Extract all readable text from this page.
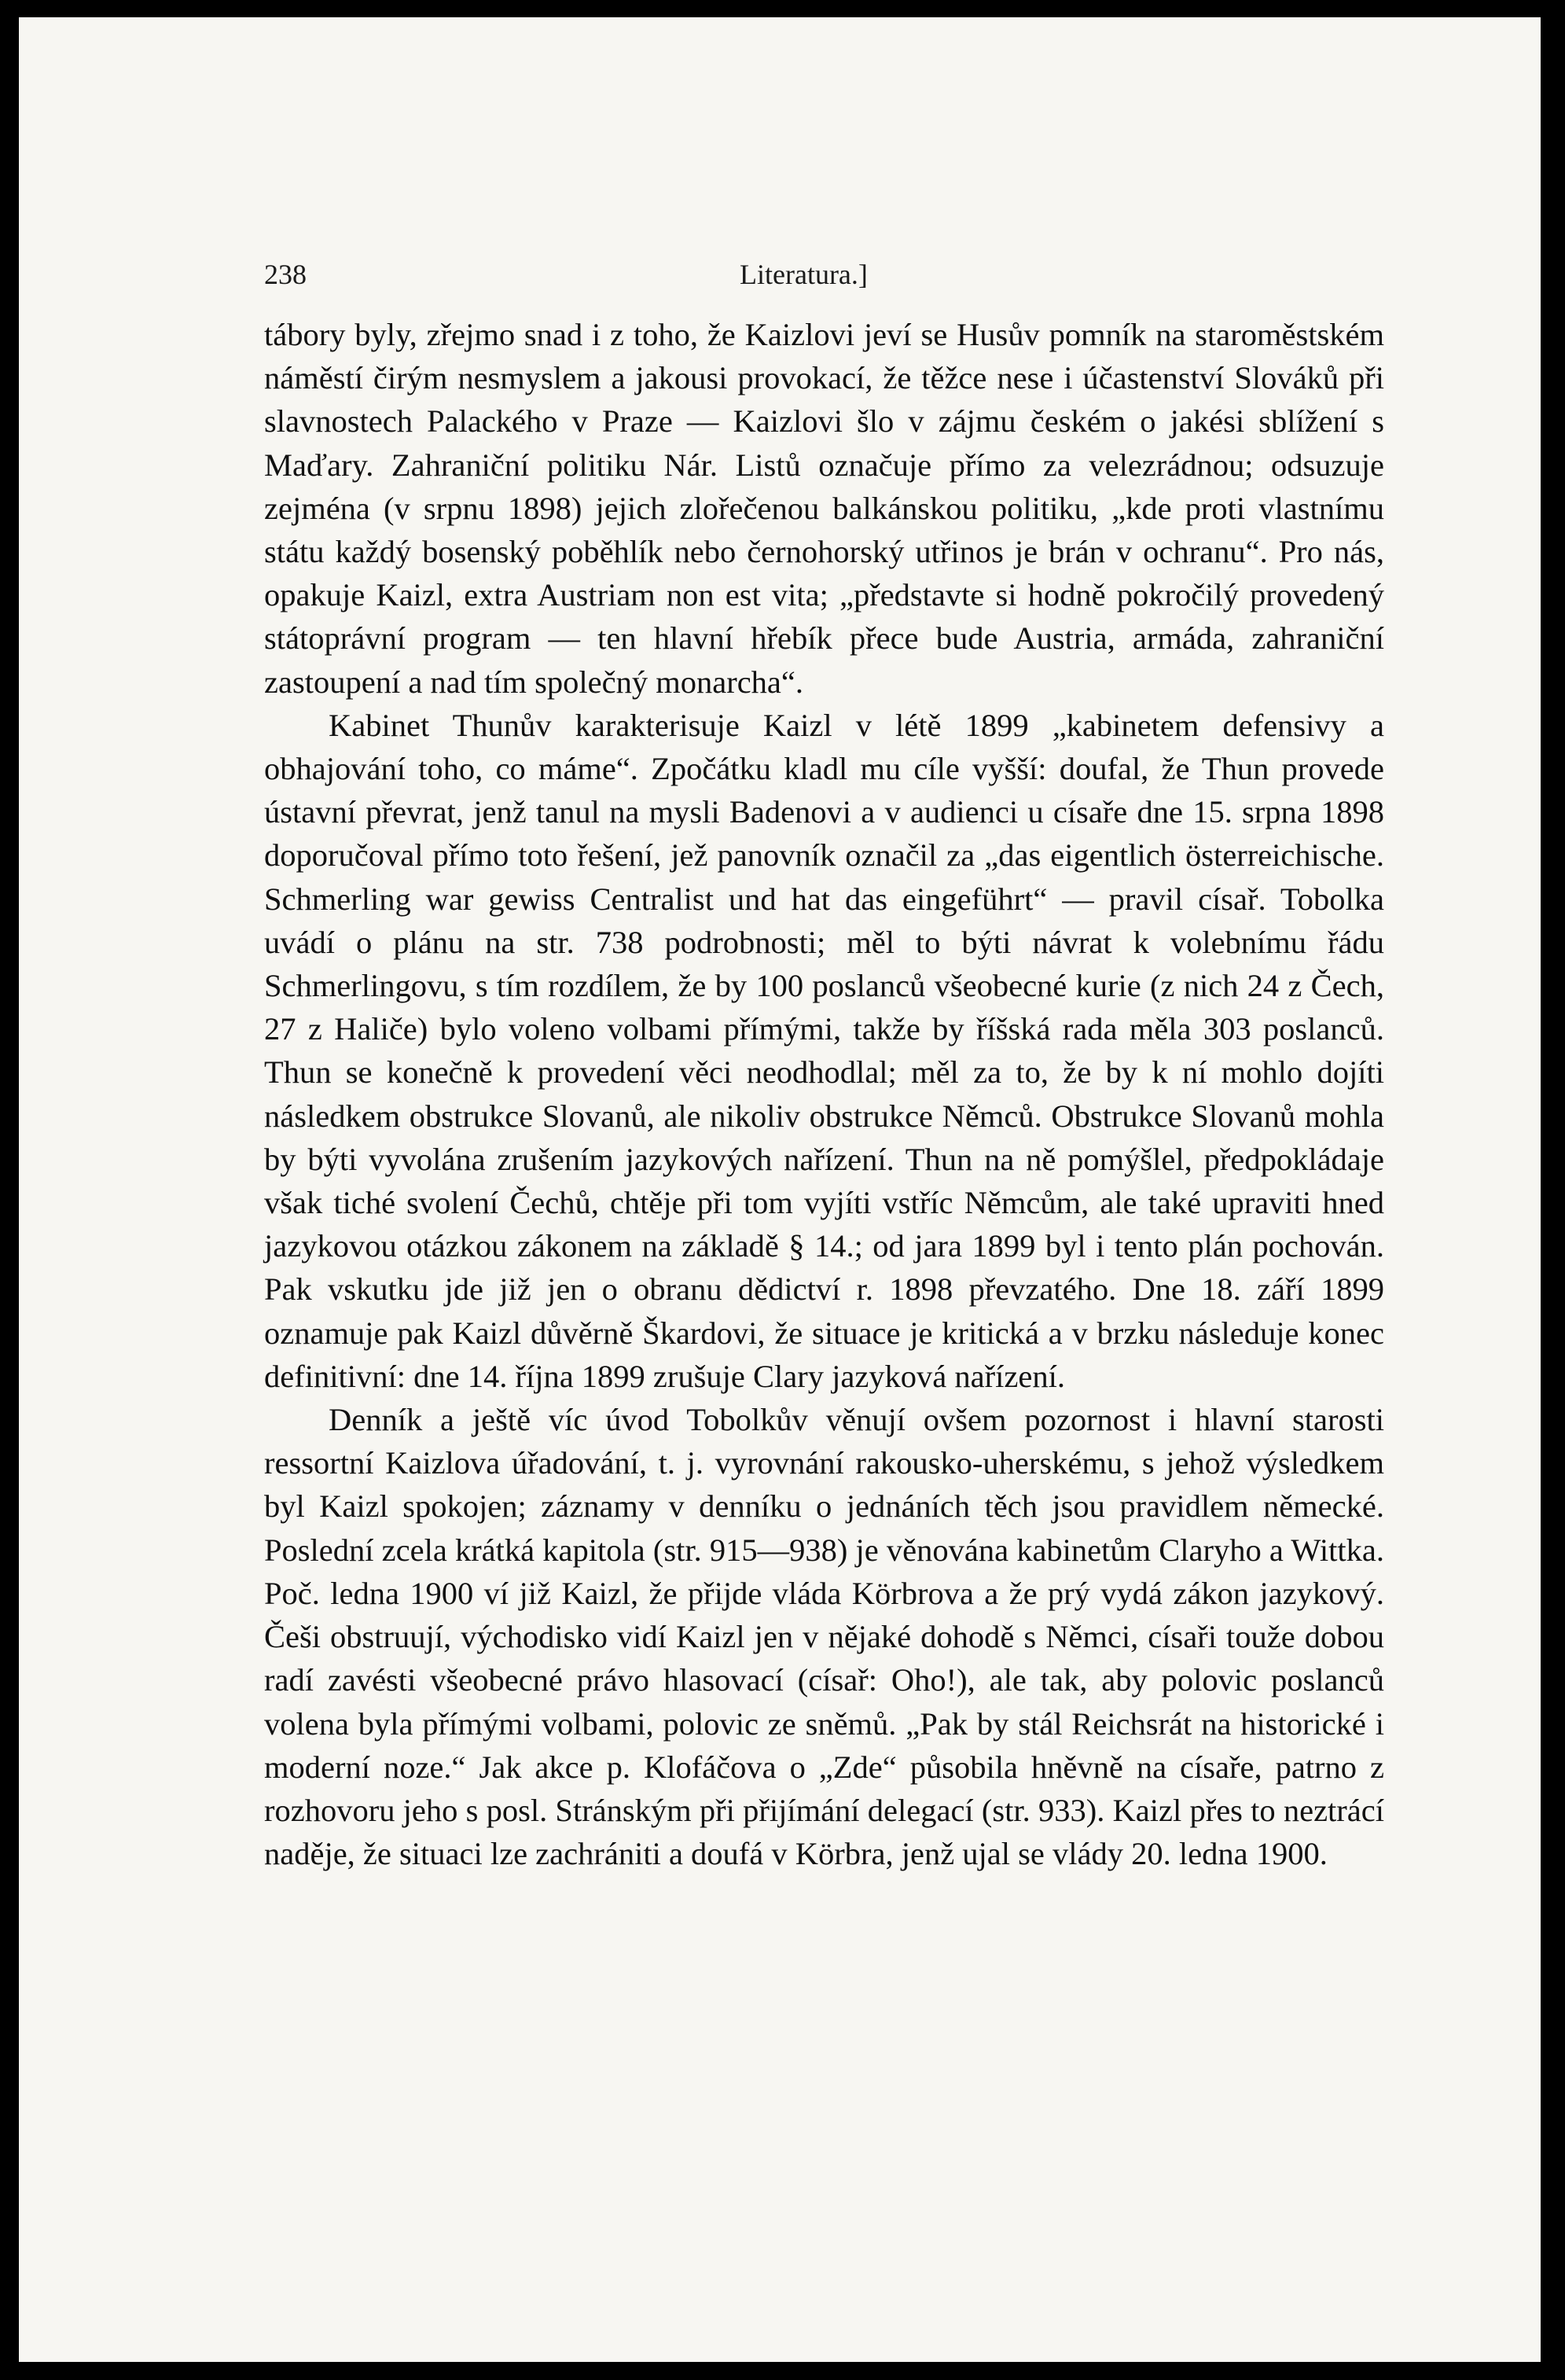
238	Literatura.]

tábory byly, zřejmo snad i z toho, že Kaizlovi jeví se Husův pomník na staroměstském náměstí čirým nesmyslem a jakousi provokací, že těžce nese i účastenství Slováků při slavnostech Palackého v Praze — Kaizlovi šlo v zájmu českém o jakési sblížení s Maďary. Zahraniční politiku Nár. Listů označuje přímo za velezrádnou; odsuzuje zejména (v srpnu 1898) jejich zlořečenou balkánskou politiku, „kde proti vlastnímu státu každý bosenský poběhlík nebo černohorský utřinos je brán v ochranu“. Pro nás, opakuje Kaizl, extra Austriam non est vita; „představte si hodně pokročilý provedený státoprávní program — ten hlavní hřebík přece bude Austria, armáda, zahraniční zastoupení a nad tím společný monarcha“.

Kabinet Thunův karakterisuje Kaizl v létě 1899 „kabinetem defensivy a obhajování toho, co máme“. Zpočátku kladl mu cíle vyšší: doufal, že Thun provede ústavní převrat, jenž tanul na mysli Badenovi a v audienci u císaře dne 15. srpna 1898 doporučoval přímo toto řešení, jež panovník označil za „das eigentlich österreichische. Schmerling war gewiss Centralist und hat das eingeführt“ — pravil císař. Tobolka uvádí o plánu na str. 738 podrobnosti; měl to býti návrat k volebnímu řádu Schmerlingovu, s tím rozdílem, že by 100 poslanců všeobecné kurie (z nich 24 z Čech, 27 z Haliče) bylo voleno volbami přímými, takže by říšská rada měla 303 poslanců. Thun se konečně k provedení věci neodhodlal; měl za to, že by k ní mohlo dojíti následkem obstrukce Slovanů, ale nikoliv obstrukce Němců. Obstrukce Slovanů mohla by býti vyvolána zrušením jazykových nařízení. Thun na ně pomýšlel, předpokládaje však tiché svolení Čechů, chtěje při tom vyjíti vstříc Němcům, ale také upraviti hned jazykovou otázkou zákonem na základě § 14.; od jara 1899 byl i tento plán pochován. Pak vskutku jde již jen o obranu dědictví r. 1898 převzatého. Dne 18. září 1899 oznamuje pak Kaizl důvěrně Škardovi, že situace je kritická a v brzku následuje konec definitivní: dne 14. října 1899 zrušuje Clary jazyková nařízení.

Denník a ještě víc úvod Tobolkův věnují ovšem pozornost i hlavní starosti ressortní Kaizlova úřadování, t. j. vyrovnání rakousko-uherskému, s jehož výsledkem byl Kaizl spokojen; záznamy v denníku o jednáních těch jsou pravidlem německé. Poslední zcela krátká kapitola (str. 915—938) je věnována kabinetům Claryho a Wittka. Poč. ledna 1900 ví již Kaizl, že přijde vláda Körbrova a že prý vydá zákon jazykový. Češi obstruují, východisko vidí Kaizl jen v nějaké dohodě s Němci, císaři touže dobou radí zavésti všeobecné právo hlasovací (císař: Oho!), ale tak, aby polovic poslanců volena byla přímými volbami, polovic ze sněmů. „Pak by stál Reichsrát na historické i moderní noze.“ Jak akce p. Klofáčova o „Zde“ působila hněvně na císaře, patrno z rozhovoru jeho s posl. Stránským při přijímání delegací (str. 933). Kaizl přes to neztrácí naděje, že situaci lze zachrániti a doufá v Körbra, jenž ujal se vlády 20. ledna 1900.
